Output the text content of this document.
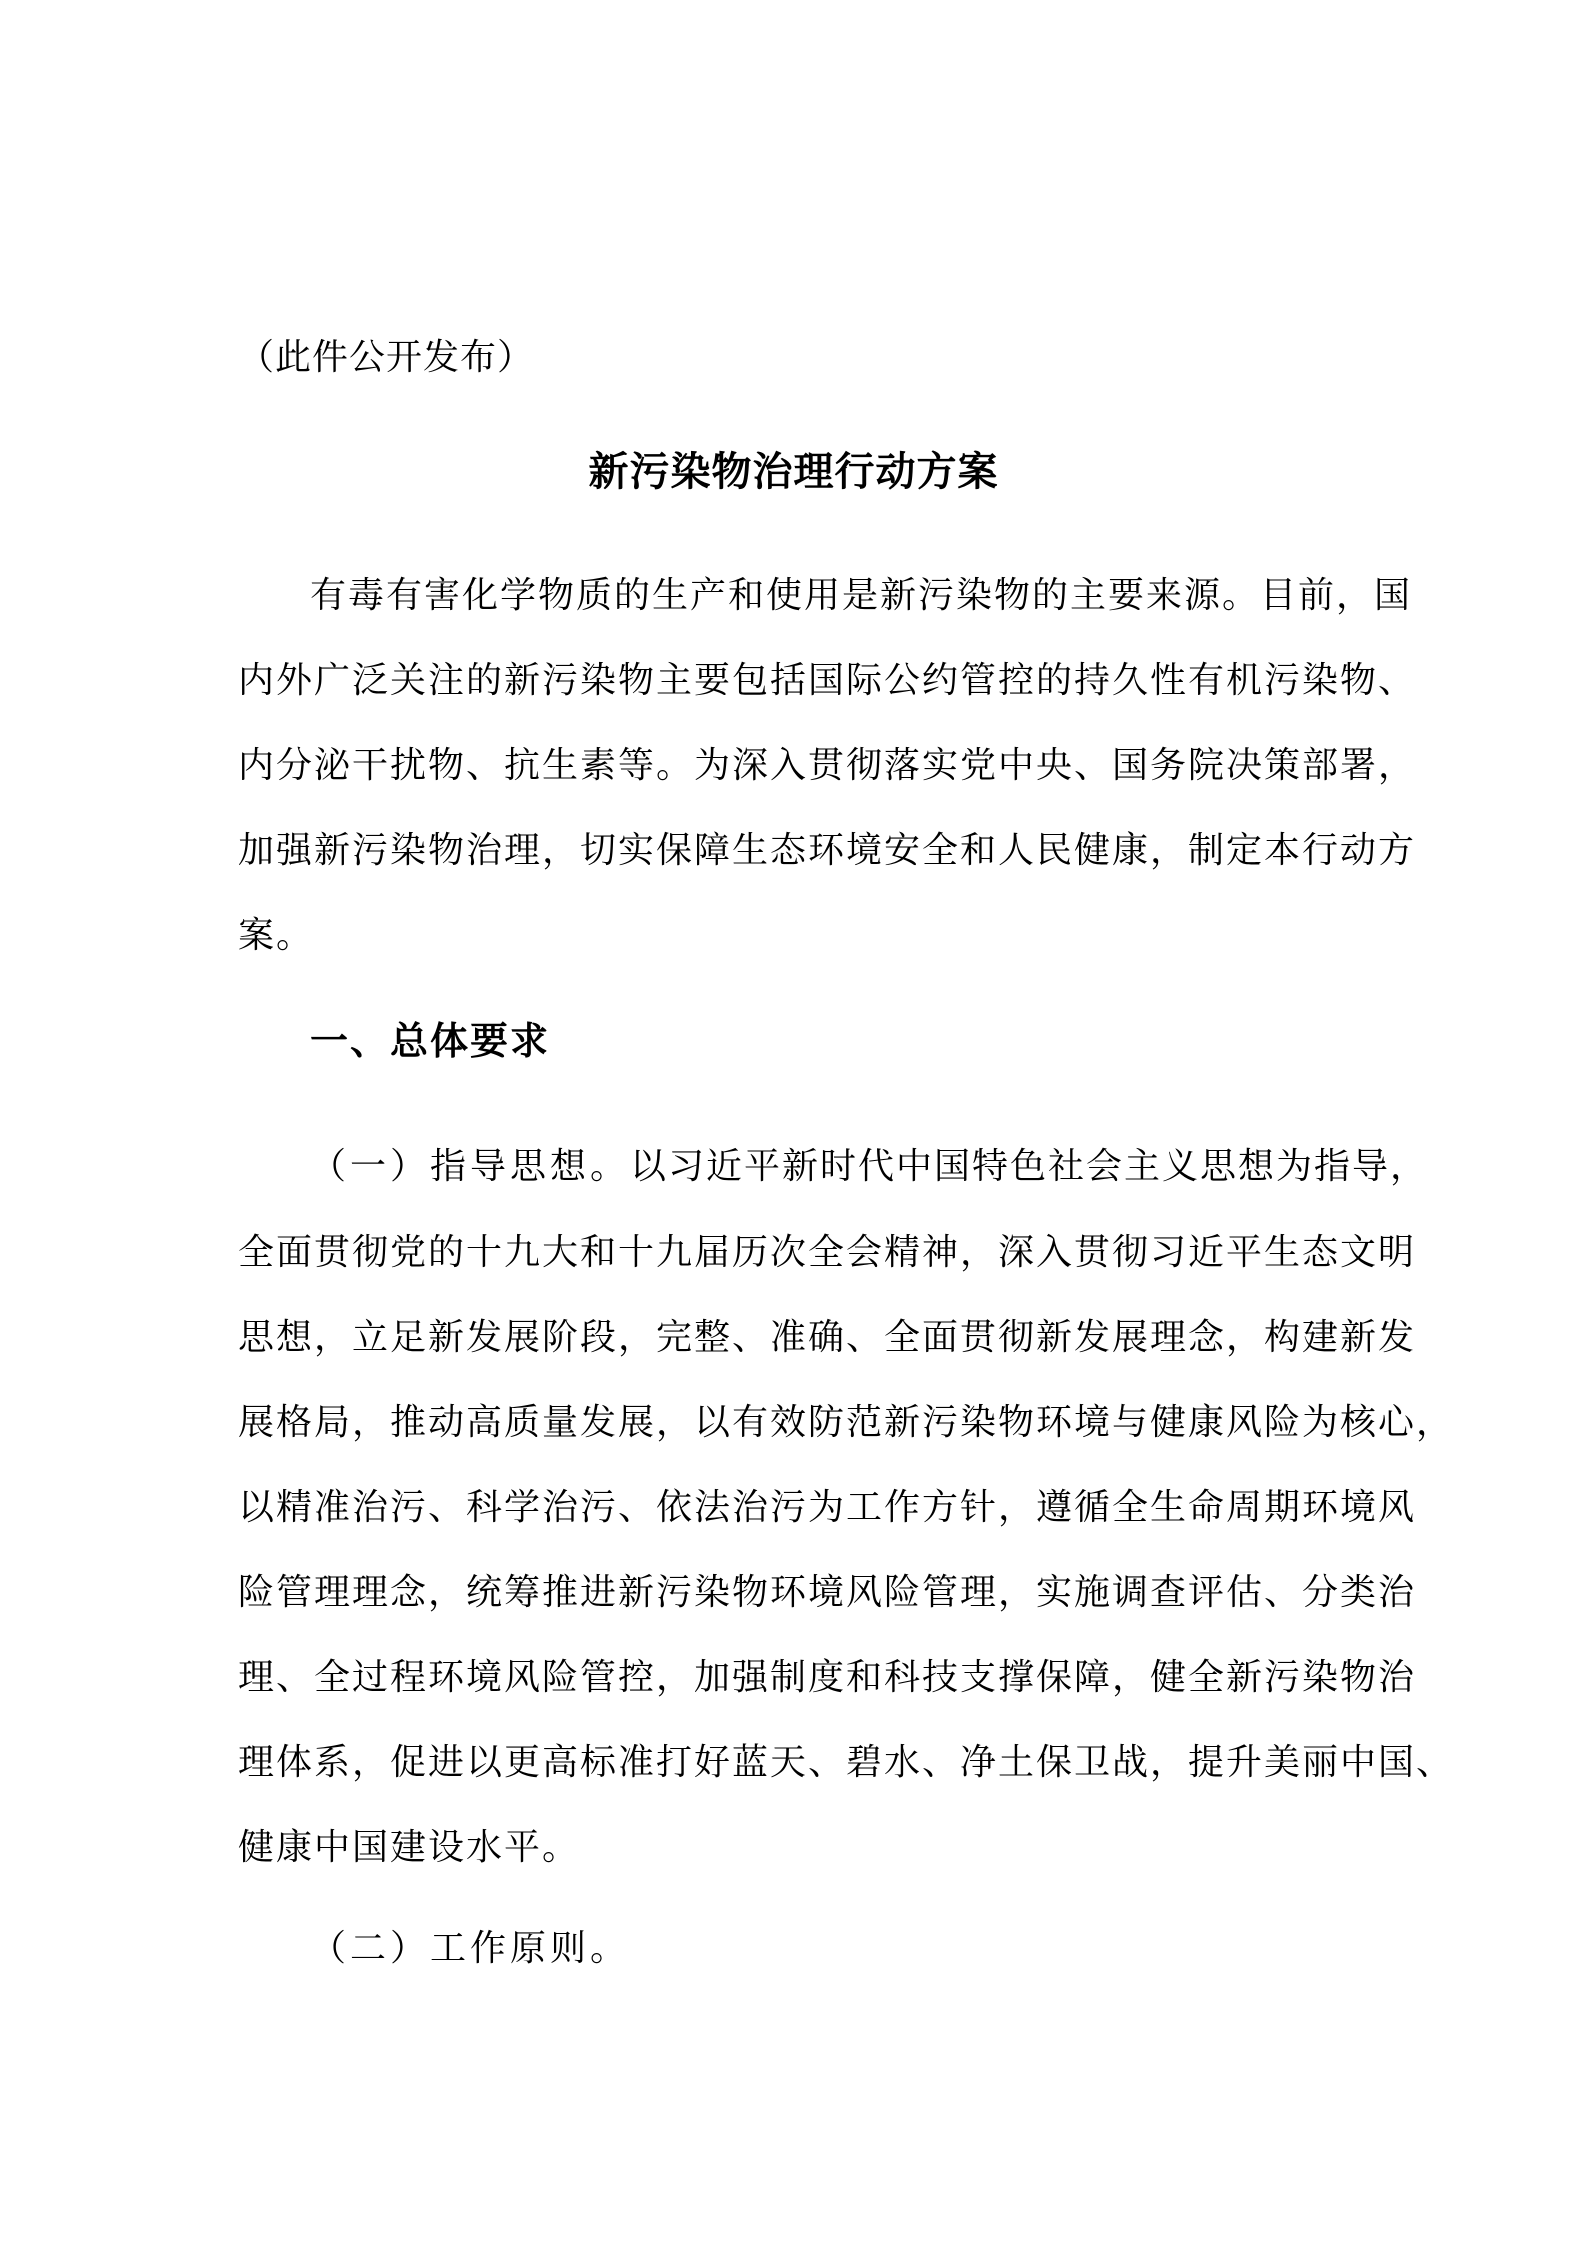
（此件公开发布）
新污染物治理行动方案
有毒有害化学物质的生产和使用是新污染物的主要来源。目前，国
内外广泛关注的新污染物主要包括国际公约管控的持久性有机污染物、
内分泌干扰物、抗生素等。为深入贯彻落实党中央、国务院决策部署，
加强新污染物治理，切实保障生态环境安全和人民健康，制定本行动方
案。
一、总体要求
（一）指导思想。以习近平新时代中国特色社会主义思想为指导，
全面贯彻党的十九大和十九届历次全会精神，深入贯彻习近平生态文明
思想，立足新发展阶段，完整、准确、全面贯彻新发展理念，构建新发
展格局，推动高质量发展，以有效防范新污染物环境与健康风险为核心，
以精准治污、科学治污、依法治污为工作方针，遵循全生命周期环境风
险管理理念，统筹推进新污染物环境风险管理，实施调查评估、分类治
理、全过程环境风险管控，加强制度和科技支撑保障，健全新污染物治
理体系，促进以更高标准打好蓝天、碧水、净土保卫战，提升美丽中国、
健康中国建设水平。
（二）工作原则。
